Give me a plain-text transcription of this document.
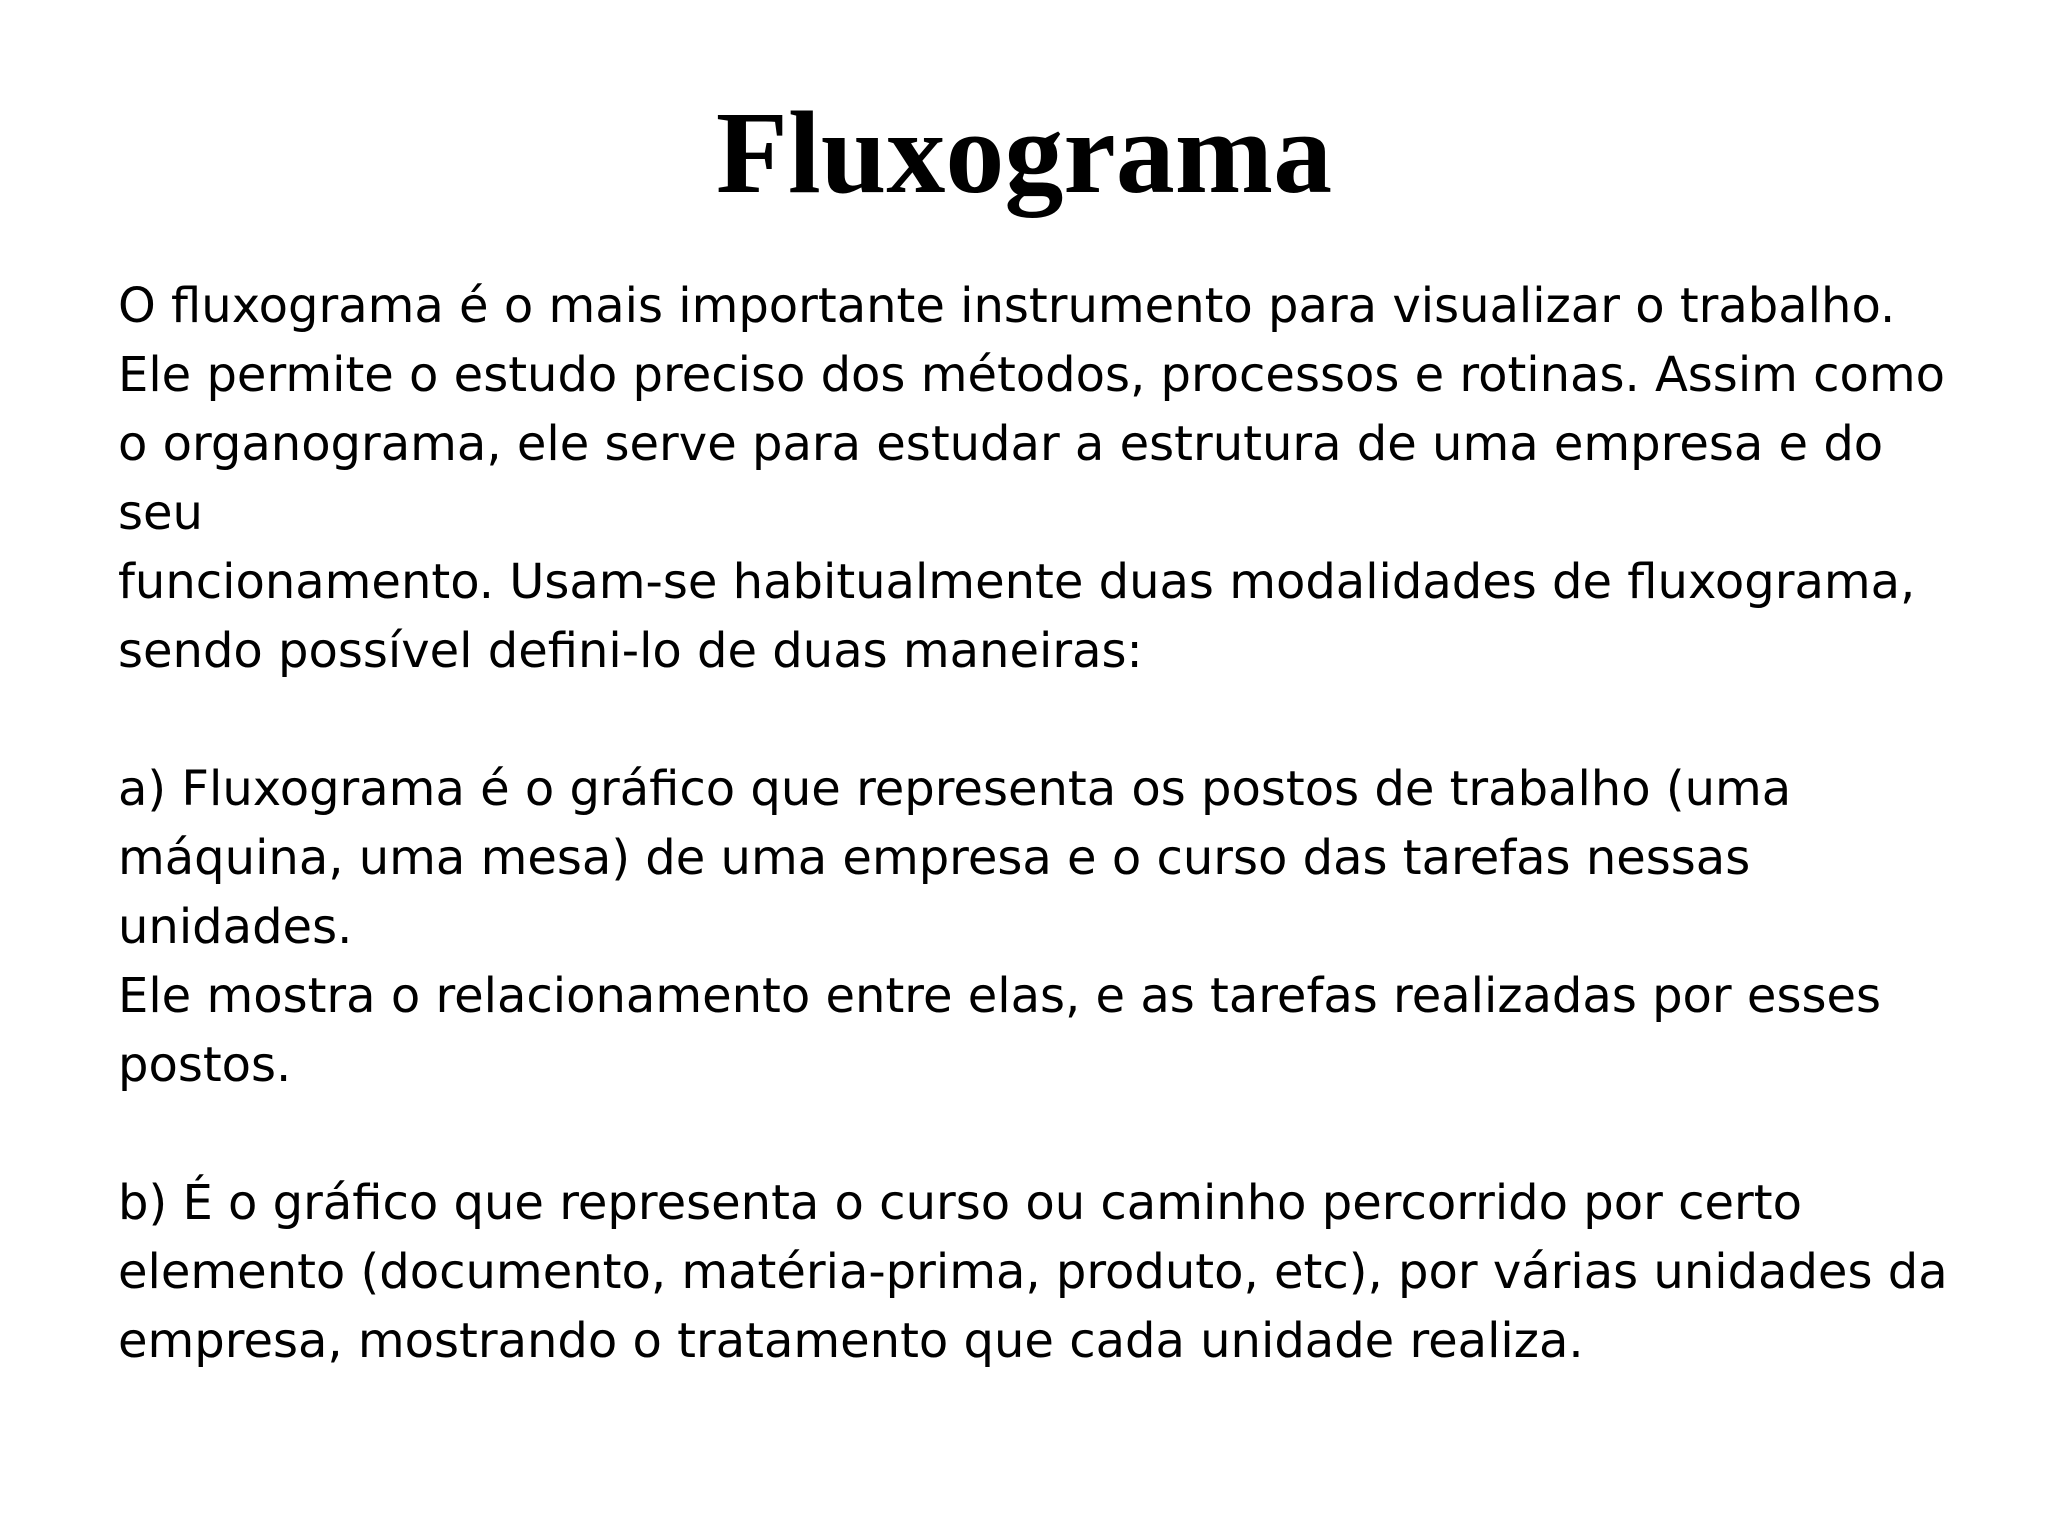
Fluxograma

O fluxograma é o mais importante instrumento para visualizar o trabalho.
Ele permite o estudo preciso dos métodos, processos e rotinas. Assim como
o organograma, ele serve para estudar a estrutura de uma empresa e do seu
funcionamento. Usam-se habitualmente duas modalidades de fluxograma,
sendo possível defini-lo de duas maneiras:

a) Fluxograma é o gráfico que representa os postos de trabalho (uma
máquina, uma mesa) de uma empresa e o curso das tarefas nessas unidades.
Ele mostra o relacionamento entre elas, e as tarefas realizadas por esses
postos.

b) É o gráfico que representa o curso ou caminho percorrido por certo
elemento (documento, matéria-prima, produto, etc), por várias unidades da
empresa, mostrando o tratamento que cada unidade realiza.
